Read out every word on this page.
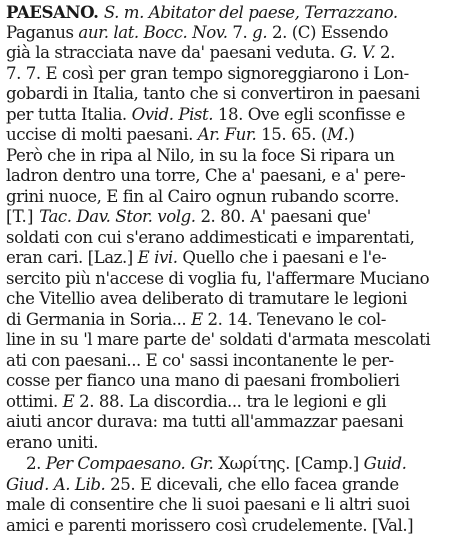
PAESANO. S. m. Abitator del paese, Terrazzano.
Paganus aur. lat. Bocc. Nov. 7. g. 2. (C) Essendo
già la stracciata nave da' paesani veduta. G. V. 2.
7. 7. E così per gran tempo signoreggiarono i Lon-
gobardi in Italia, tanto che si convertiron in paesani
per tutta Italia. Ovid. Pist. 18. Ove egli sconfisse e
uccise di molti paesani. Ar. Fur. 15. 65. (M.)
Però che in ripa al Nilo, in su la foce Si ripara un
ladron dentro una torre, Che a' paesani, e a' pere-
grini nuoce, E fin al Cairo ognun rubando scorre.
[T.] Tac. Dav. Stor. volg. 2. 80. A' paesani que'
soldati con cui s'erano addimesticati e imparentati,
eran cari. [Laz.] E ivi. Quello che i paesani e l'e-
sercito più n'accese di voglia fu, l'affermare Muciano
che Vitellio avea deliberato di tramutare le legioni
di Germania in Soria... E 2. 14. Tenevano le col-
line in su 'l mare parte de' soldati d'armata mescolati
ati con paesani... E co' sassi incontanente le per-
cosse per fianco una mano di paesani frombolieri
ottimi. E 2. 88. La discordia... tra le legioni e gli
aiuti ancor durava: ma tutti all'ammazzar paesani
erano uniti.
2. Per Compaesano. Gr. Χωρίτης. [Camp.] Guid.
Giud. A. Lib. 25. E dicevali, che ello facea grande
male di consentire che li suoi paesani e li altri suoi
amici e parenti morissero così crudelemente. [Val.]
